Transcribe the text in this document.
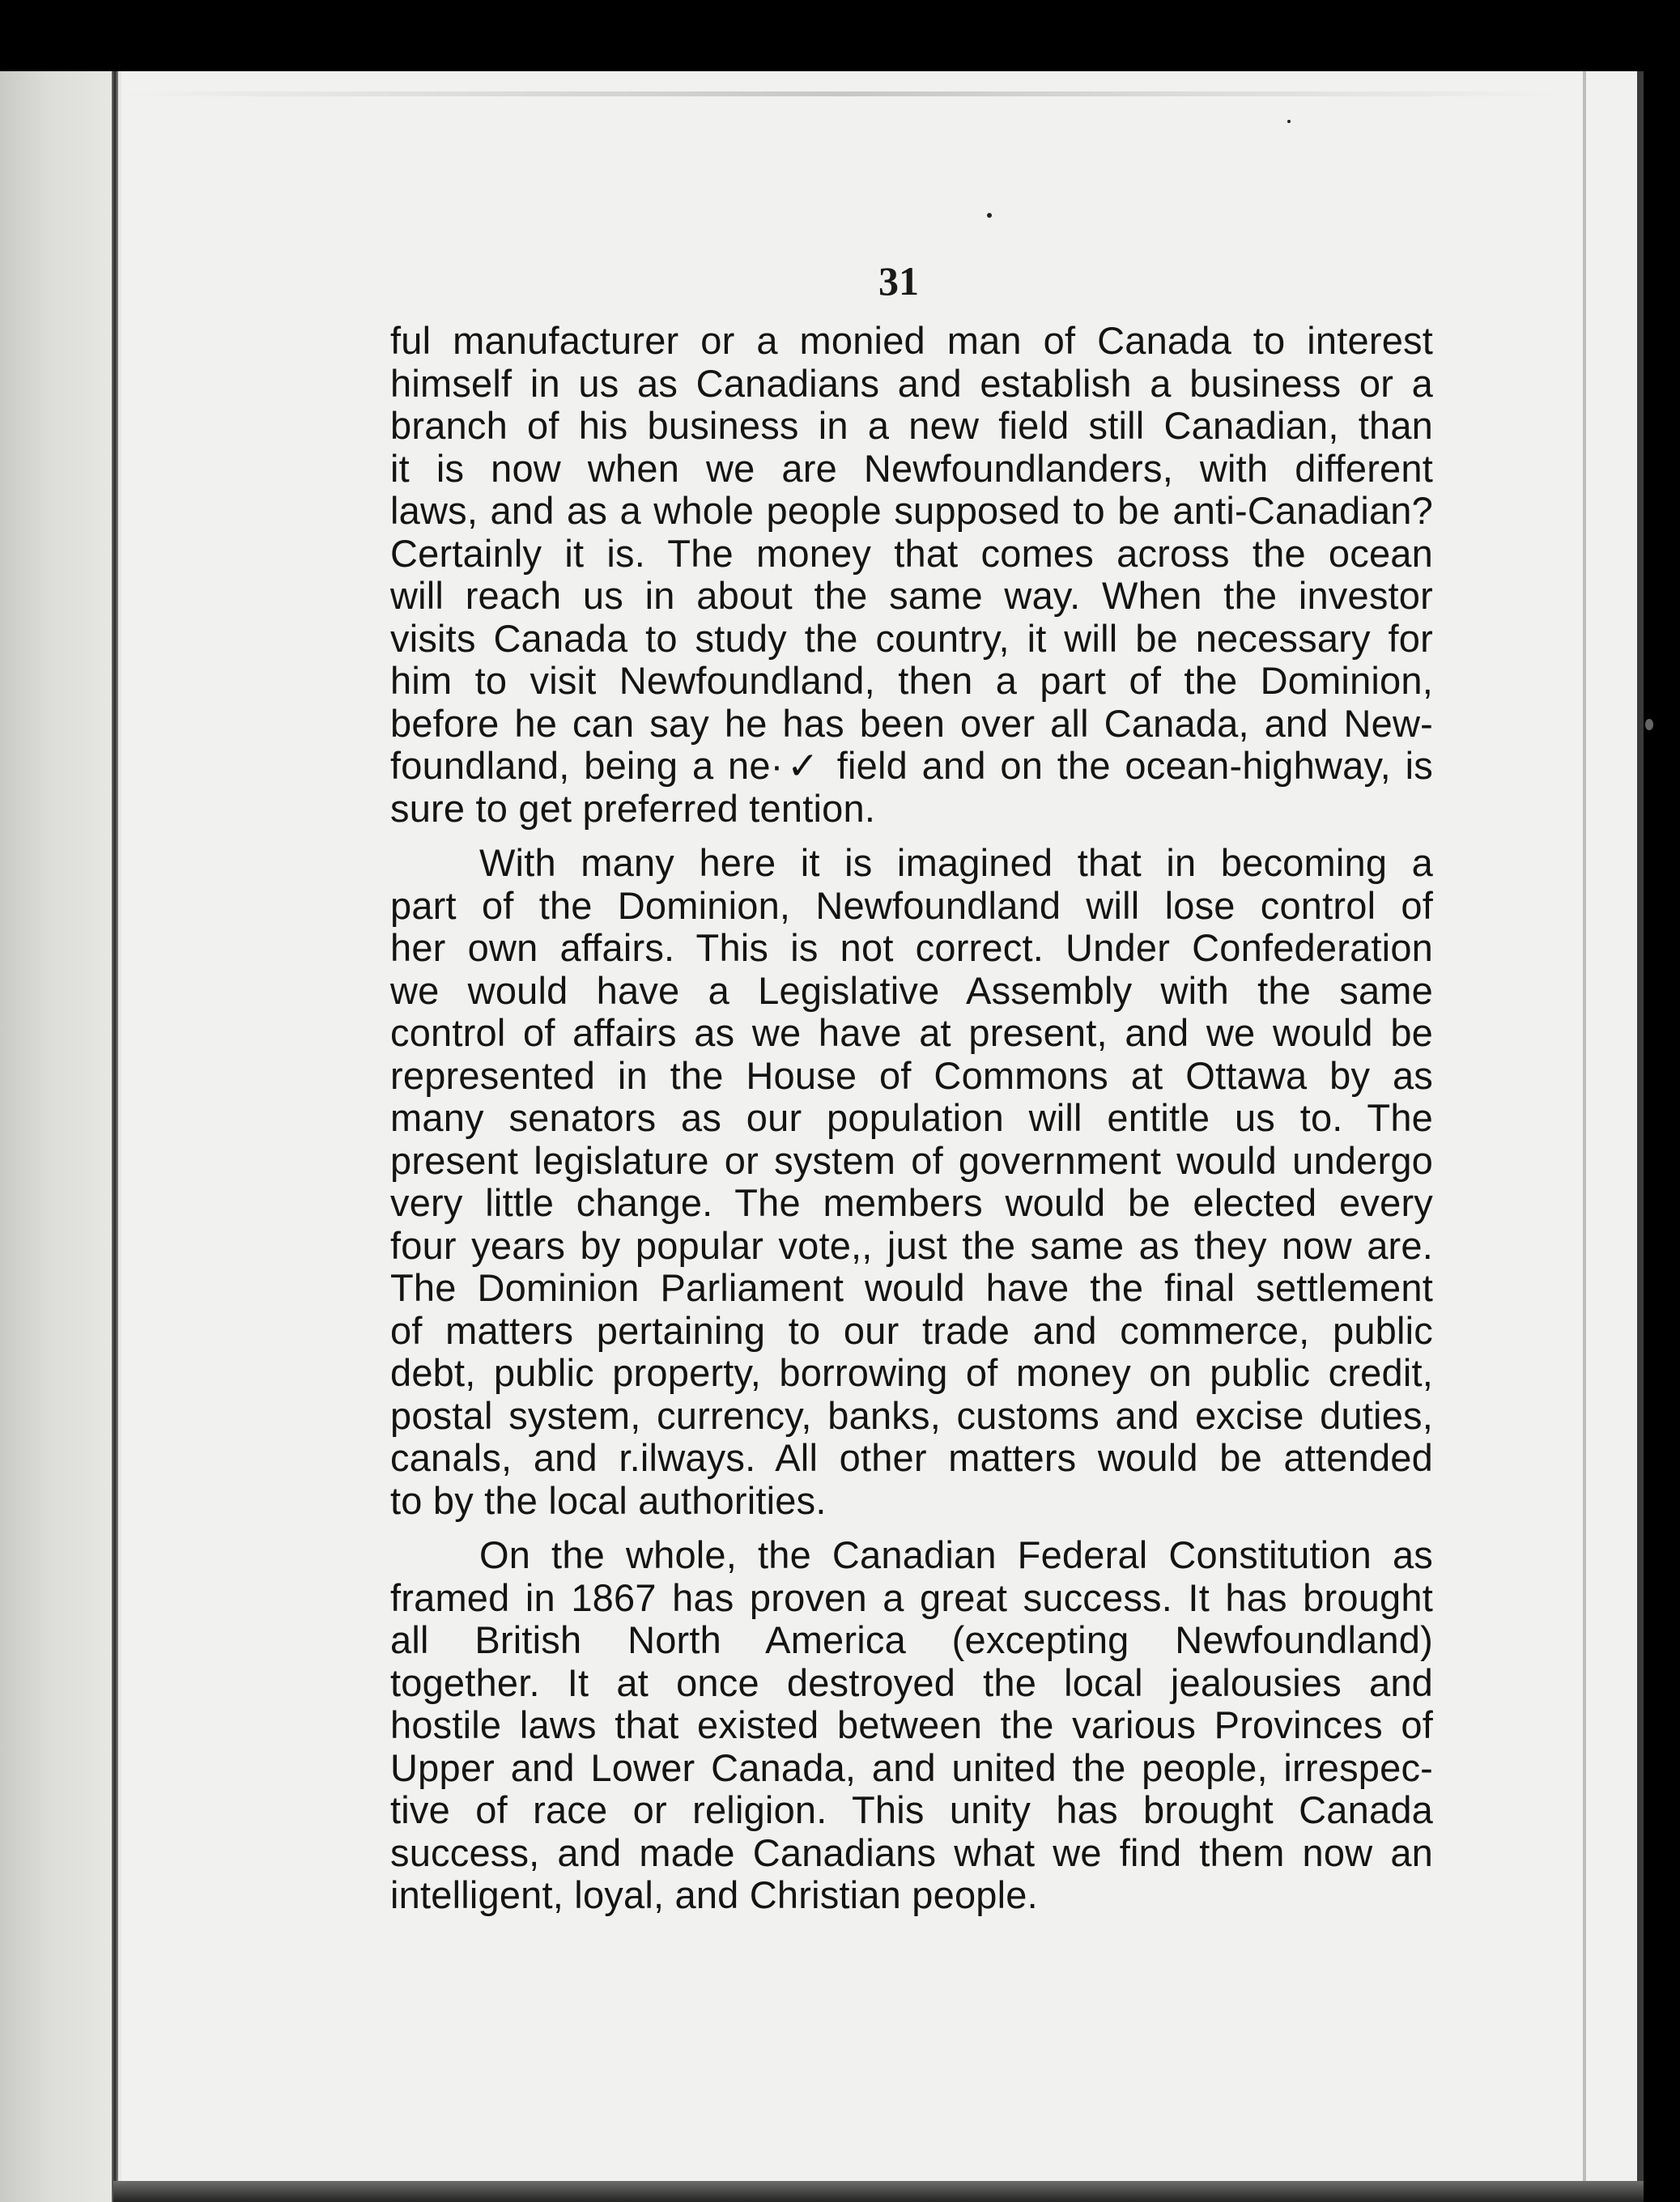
31
ful manufacturer or a monied man of Canada to interest
himself in us as Canadians and establish a business or a
branch of his business in a new field still Canadian, than
it is now when we are Newfoundlanders, with different
laws, and as a whole people supposed to be anti-Canadian?
Certainly it is. The money that comes across the ocean
will reach us in about the same way. When the investor
visits Canada to study the country, it will be necessary for
him to visit Newfoundland, then a part of the Dominion,
before he can say he has been over all Canada, and New-
foundland, being a ne·✓ field and on the ocean-highway, is
sure to get preferred tention.
With many here it is imagined that in becoming a
part of the Dominion, Newfoundland will lose control of
her own affairs. This is not correct. Under Confederation
we would have a Legislative Assembly with the same
control of affairs as we have at present, and we would be
represented in the House of Commons at Ottawa by as
many senators as our population will entitle us to. The
present legislature or system of government would undergo
very little change. The members would be elected every
four years by popular vote,, just the same as they now are.
The Dominion Parliament would have the final settlement
of matters pertaining to our trade and commerce, public
debt, public property, borrowing of money on public credit,
postal system, currency, banks, customs and excise duties,
canals, and r.ilways. All other matters would be attended
to by the local authorities.
On the whole, the Canadian Federal Constitution as
framed in 1867 has proven a great success. It has brought
all British North America (excepting Newfoundland)
together. It at once destroyed the local jealousies and
hostile laws that existed between the various Provinces of
Upper and Lower Canada, and united the people, irrespec-
tive of race or religion. This unity has brought Canada
success, and made Canadians what we find them now an
intelligent, loyal, and Christian people.
